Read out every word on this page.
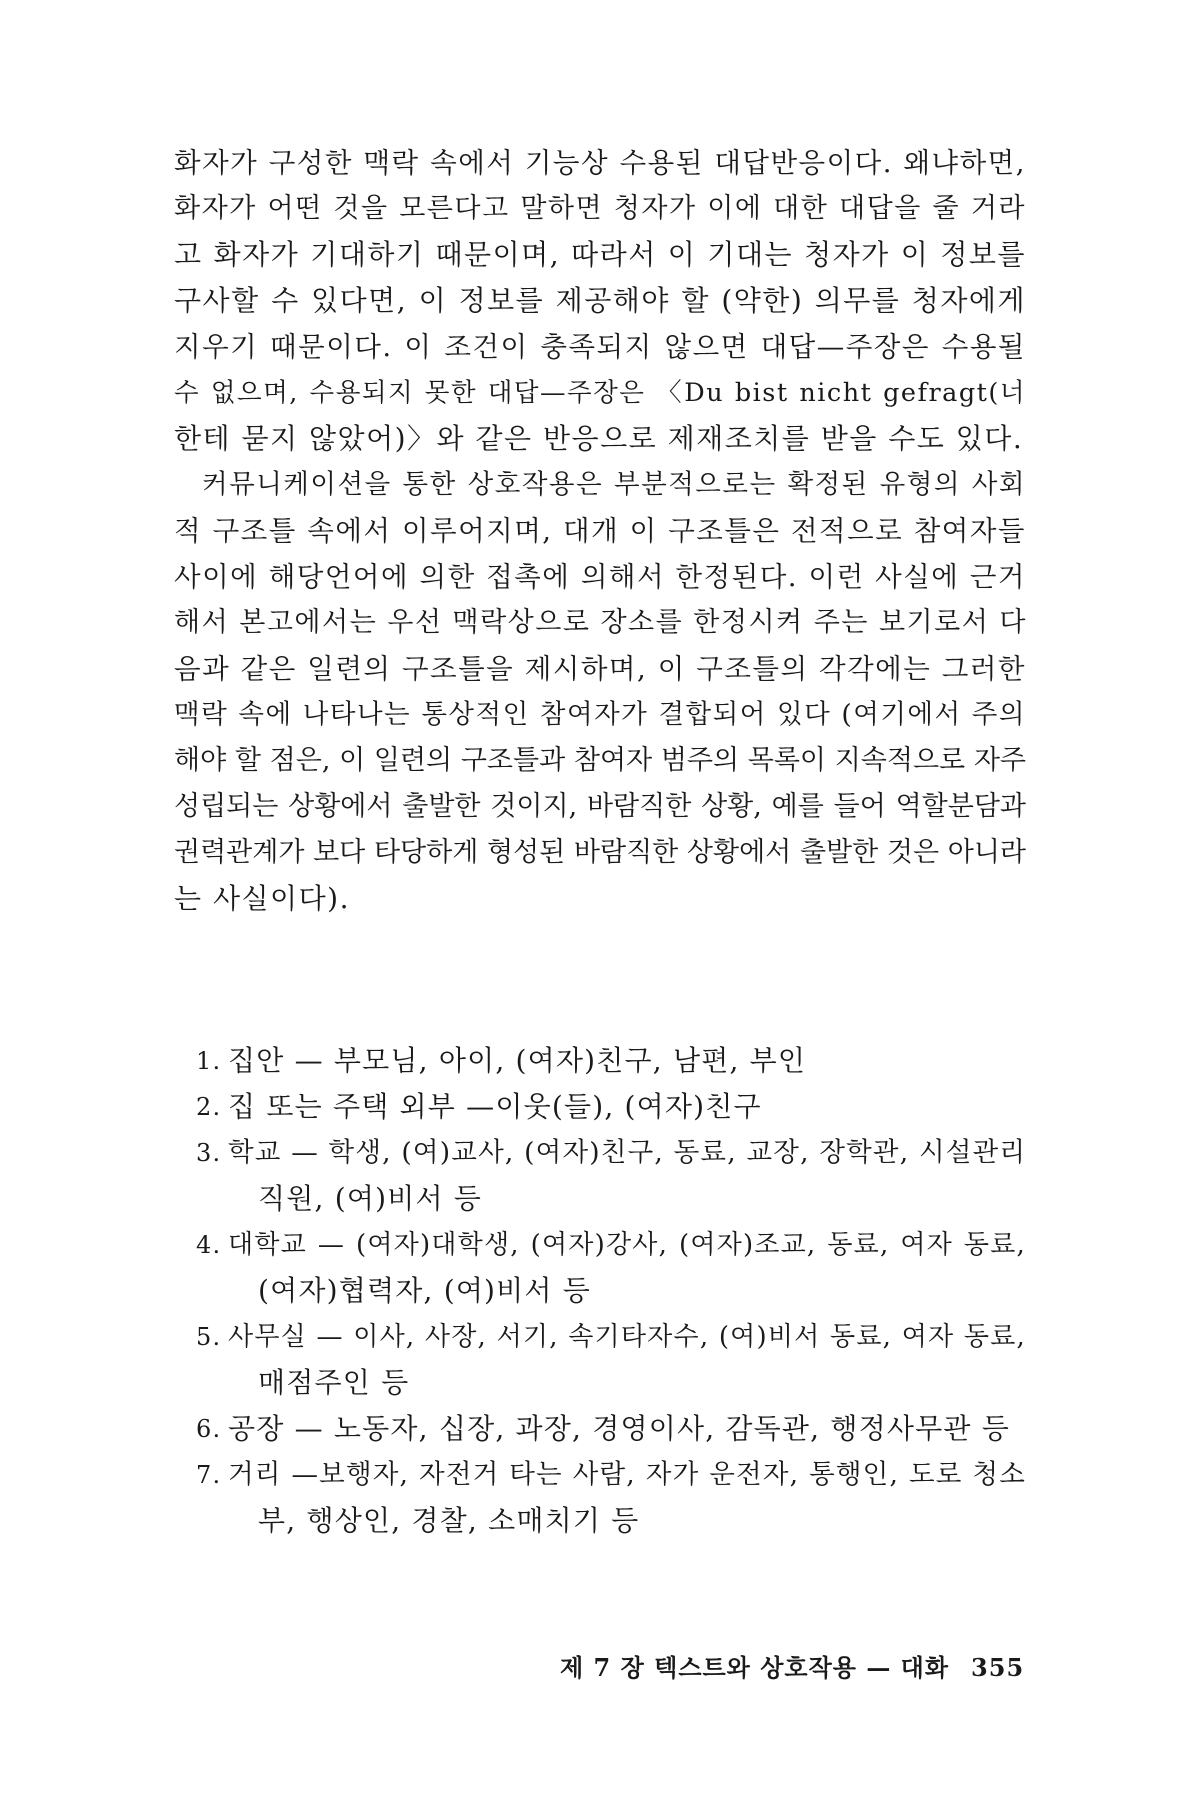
화자가 구성한 맥락 속에서 기능상 수용된 대답반응이다. 왜냐하면,
화자가 어떤 것을 모른다고 말하면 청자가 이에 대한 대답을 줄 거라
고 화자가 기대하기 때문이며, 따라서 이 기대는 청자가 이 정보를
구사할 수 있다면, 이 정보를 제공해야 할 (약한) 의무를 청자에게
지우기 때문이다. 이 조건이 충족되지 않으면 대답—주장은 수용될
수 없으며, 수용되지 못한 대답—주장은 〈Du bist nicht gefragt(너
한테 묻지 않았어)〉와 같은 반응으로 제재조치를 받을 수도 있다.
커뮤니케이션을 통한 상호작용은 부분적으로는 확정된 유형의 사회
적 구조틀 속에서 이루어지며, 대개 이 구조틀은 전적으로 참여자들
사이에 해당언어에 의한 접촉에 의해서 한정된다. 이런 사실에 근거
해서 본고에서는 우선 맥락상으로 장소를 한정시켜 주는 보기로서 다
음과 같은 일련의 구조틀을 제시하며, 이 구조틀의 각각에는 그러한
맥락 속에 나타나는 통상적인 참여자가 결합되어 있다 (여기에서 주의
해야 할 점은, 이 일련의 구조틀과 참여자 범주의 목록이 지속적으로 자주
성립되는 상황에서 출발한 것이지, 바람직한 상황, 예를 들어 역할분담과
권력관계가 보다 타당하게 형성된 바람직한 상황에서 출발한 것은 아니라
는 사실이다).
1. 집안 — 부모님, 아이, (여자)친구, 남편, 부인
2. 집 또는 주택 외부 —이웃(들), (여자)친구
3. 학교 — 학생, (여)교사, (여자)친구, 동료, 교장, 장학관, 시설관리
직원, (여)비서 등
4. 대학교 — (여자)대학생, (여자)강사, (여자)조교, 동료, 여자 동료,
(여자)협력자, (여)비서 등
5. 사무실 — 이사, 사장, 서기, 속기타자수, (여)비서 동료, 여자 동료,
매점주인 등
6. 공장 — 노동자, 십장, 과장, 경영이사, 감독관, 행정사무관 등
7. 거리 —보행자, 자전거 타는 사람, 자가 운전자, 통행인, 도로 청소
부, 행상인, 경찰, 소매치기 등
제 7 장 텍스트와 상호작용 — 대화 355
